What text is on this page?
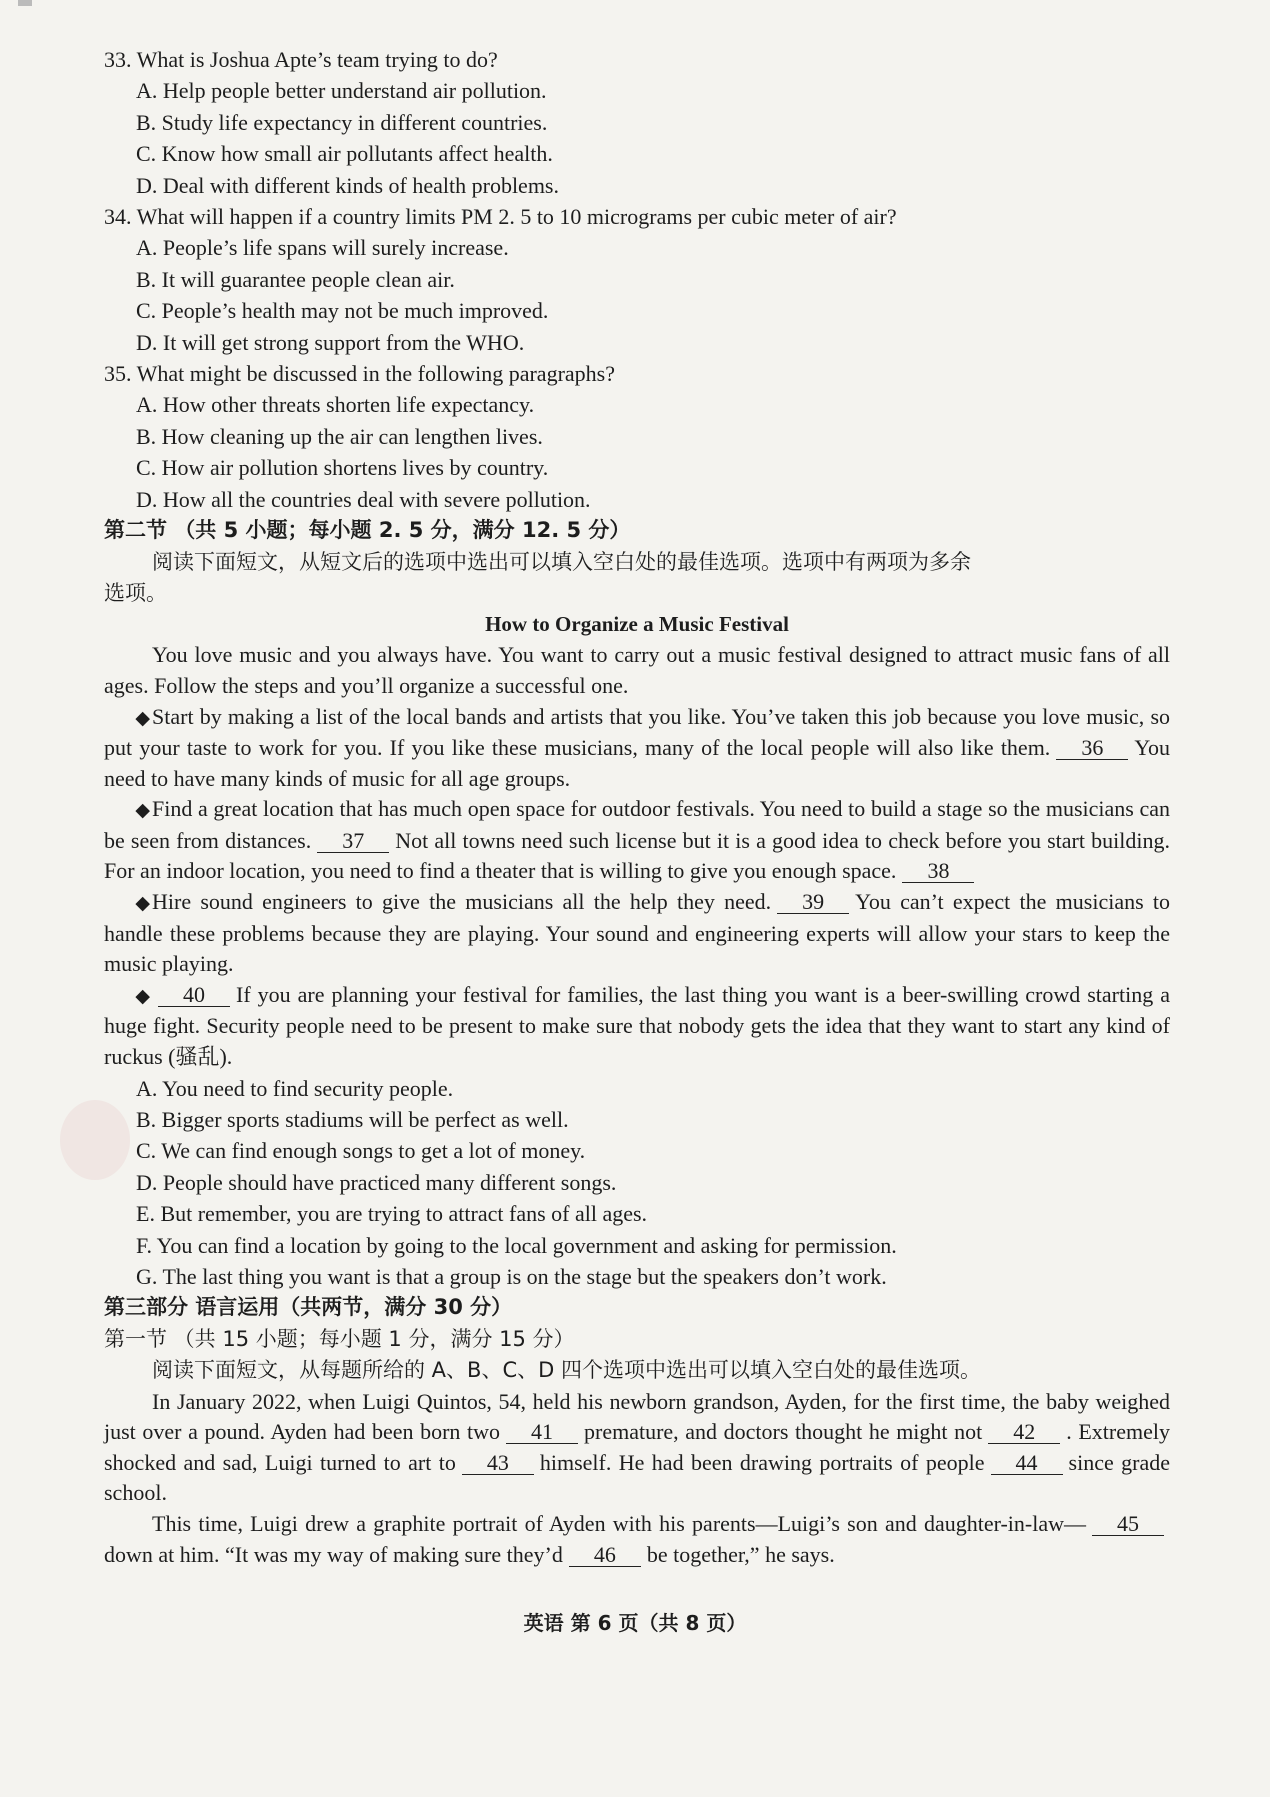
33. What is Joshua Apte’s team trying to do?
A. Help people better understand air pollution.
B. Study life expectancy in different countries.
C. Know how small air pollutants affect health.
D. Deal with different kinds of health problems.
34. What will happen if a country limits PM 2. 5 to 10 micrograms per cubic meter of air?
A. People’s life spans will surely increase.
B. It will guarantee people clean air.
C. People’s health may not be much improved.
D. It will get strong support from the WHO.
35. What might be discussed in the following paragraphs?
A. How other threats shorten life expectancy.
B. How cleaning up the air can lengthen lives.
C. How air pollution shortens lives by country.
D. How all the countries deal with severe pollution.
第二节 （共 5 小题；每小题 2. 5 分，满分 12. 5 分）
阅读下面短文，从短文后的选项中选出可以填入空白处的最佳选项。选项中有两项为多余
选项。
How to Organize a Music Festival
You love music and you always have. You want to carry out a music festival designed to attract music fans of all ages. Follow the steps and you’ll organize a successful one.
◆Start by making a list of the local bands and artists that you like. You’ve taken this job because you love music, so put your taste to work for you. If you like these musicians, many of the local people will also like them. 36 You need to have many kinds of music for all age groups.
◆Find a great location that has much open space for outdoor festivals. You need to build a stage so the musicians can be seen from distances. 37 Not all towns need such license but it is a good idea to check before you start building. For an indoor location, you need to find a theater that is willing to give you enough space. 38
◆Hire sound engineers to give the musicians all the help they need. 39 You can’t expect the musicians to handle these problems because they are playing. Your sound and engineering experts will allow your stars to keep the music playing.
◆ 40 If you are planning your festival for families, the last thing you want is a beer-swilling crowd starting a huge fight. Security people need to be present to make sure that nobody gets the idea that they want to start any kind of ruckus (骚乱).
A. You need to find security people.
B. Bigger sports stadiums will be perfect as well.
C. We can find enough songs to get a lot of money.
D. People should have practiced many different songs.
E. But remember, you are trying to attract fans of all ages.
F. You can find a location by going to the local government and asking for permission.
G. The last thing you want is that a group is on the stage but the speakers don’t work.
第三部分 语言运用（共两节，满分 30 分）
第一节 （共 15 小题；每小题 1 分，满分 15 分）
阅读下面短文，从每题所给的 A、B、C、D 四个选项中选出可以填入空白处的最佳选项。
In January 2022, when Luigi Quintos, 54, held his newborn grandson, Ayden, for the first time, the baby weighed just over a pound. Ayden had been born two 41 premature, and doctors thought he might not 42 . Extremely shocked and sad, Luigi turned to art to 43 himself. He had been drawing portraits of people 44 since grade school.
This time, Luigi drew a graphite portrait of Ayden with his parents—Luigi’s son and daughter-in-law— 45down at him. “It was my way of making sure they’d 46 be together,” he says.
英语 第 6 页（共 8 页）
